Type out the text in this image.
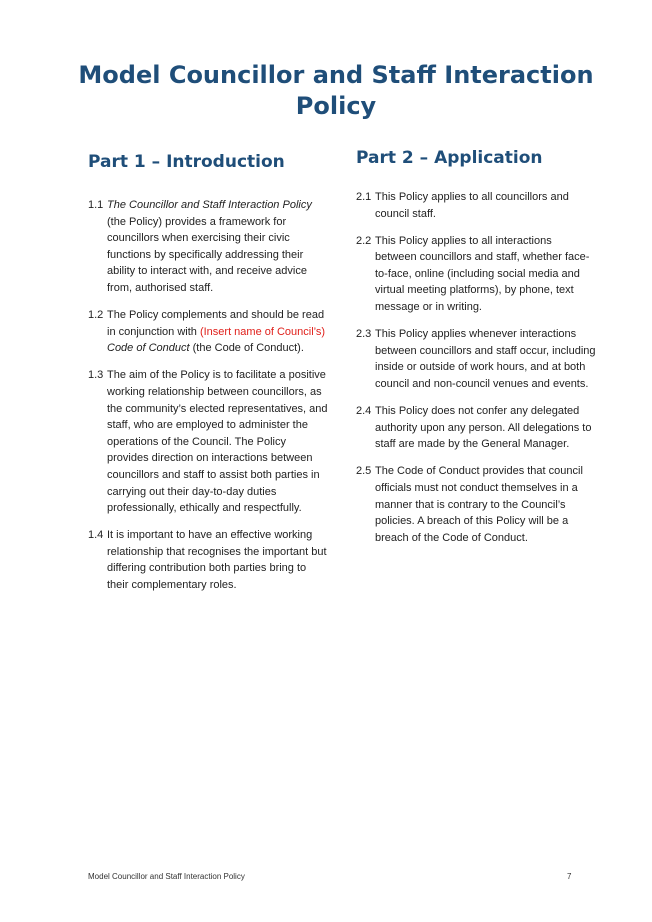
Model Councillor and Staff Interaction Policy
Part 1 – Introduction
1.1 The Councillor and Staff Interaction Policy (the Policy) provides a framework for councillors when exercising their civic functions by specifically addressing their ability to interact with, and receive advice from, authorised staff.
1.2 The Policy complements and should be read in conjunction with (Insert name of Council’s) Code of Conduct (the Code of Conduct).
1.3 The aim of the Policy is to facilitate a positive working relationship between councillors, as the community’s elected representatives, and staff, who are employed to administer the operations of the Council. The Policy provides direction on interactions between councillors and staff to assist both parties in carrying out their day-to-day duties professionally, ethically and respectfully.
1.4 It is important to have an effective working relationship that recognises the important but differing contribution both parties bring to their complementary roles.
Part 2 – Application
2.1 This Policy applies to all councillors and council staff.
2.2 This Policy applies to all interactions between councillors and staff, whether face-to-face, online (including social media and virtual meeting platforms), by phone, text message or in writing.
2.3 This Policy applies whenever interactions between councillors and staff occur, including inside or outside of work hours, and at both council and non-council venues and events.
2.4 This Policy does not confer any delegated authority upon any person. All delegations to staff are made by the General Manager.
2.5 The Code of Conduct provides that council officials must not conduct themselves in a manner that is contrary to the Council’s policies. A breach of this Policy will be a breach of the Code of Conduct.
Model Councillor and Staff Interaction Policy	7
